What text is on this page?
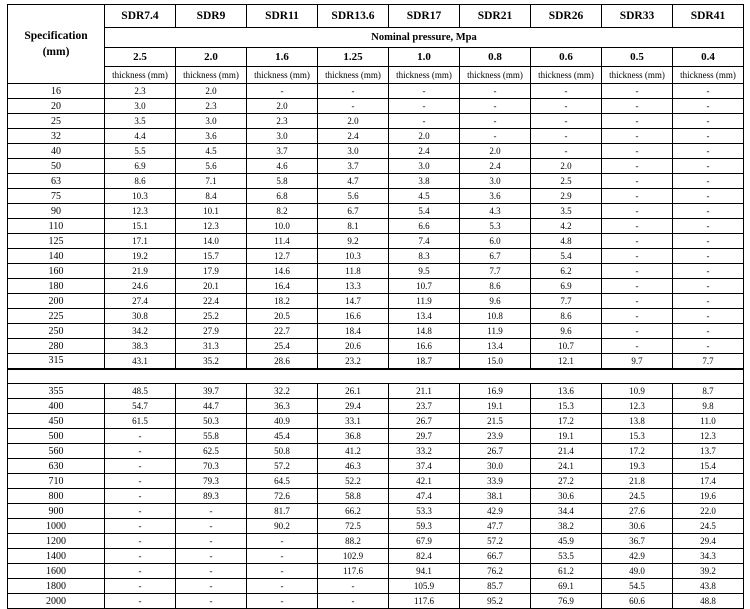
Specification
(mm)	SDR7.4	SDR9	SDR11	SDR13.6	SDR17	SDR21	SDR26	SDR33	SDR41
	Nominal pressure, Mpa								
	2.5	2.0	1.6	1.25	1.0	0.8	0.6	0.5	0.4
	thickness (mm)	thickness (mm)	thickness (mm)	thickness (mm)	thickness (mm)	thickness (mm)	thickness (mm)	thickness (mm)	thickness (mm)
16	2.3	2.0	-	-	-	-	-	-	-
20	3.0	2.3	2.0	-	-	-	-	-	-
25	3.5	3.0	2.3	2.0	-	-	-	-	-
32	4.4	3.6	3.0	2.4	2.0	-	-	-	-
40	5.5	4.5	3.7	3.0	2.4	2.0	-	-	-
50	6.9	5.6	4.6	3.7	3.0	2.4	2.0	-	-
63	8.6	7.1	5.8	4.7	3.8	3.0	2.5	-	-
75	10.3	8.4	6.8	5.6	4.5	3.6	2.9	-	-
90	12.3	10.1	8.2	6.7	5.4	4.3	3.5	-	-
110	15.1	12.3	10.0	8.1	6.6	5.3	4.2	-	-
125	17.1	14.0	11.4	9.2	7.4	6.0	4.8	-	-
140	19.2	15.7	12.7	10.3	8.3	6.7	5.4	-	-
160	21.9	17.9	14.6	11.8	9.5	7.7	6.2	-	-
180	24.6	20.1	16.4	13.3	10.7	8.6	6.9	-	-
200	27.4	22.4	18.2	14.7	11.9	9.6	7.7	-	-
225	30.8	25.2	20.5	16.6	13.4	10.8	8.6	-	-
250	34.2	27.9	22.7	18.4	14.8	11.9	9.6	-	-
280	38.3	31.3	25.4	20.6	16.6	13.4	10.7	-	-
315	43.1	35.2	28.6	23.2	18.7	15.0	12.1	9.7	7.7

355	48.5	39.7	32.2	26.1	21.1	16.9	13.6	10.9	8.7
400	54.7	44.7	36.3	29.4	23.7	19.1	15.3	12.3	9.8
450	61.5	50.3	40.9	33.1	26.7	21.5	17.2	13.8	11.0
500	-	55.8	45.4	36.8	29.7	23.9	19.1	15.3	12.3
560	-	62.5	50.8	41.2	33.2	26.7	21.4	17.2	13.7
630	-	70.3	57.2	46.3	37.4	30.0	24.1	19.3	15.4
710	-	79.3	64.5	52.2	42.1	33.9	27.2	21.8	17.4
800	-	89.3	72.6	58.8	47.4	38.1	30.6	24.5	19.6
900	-	-	81.7	66.2	53.3	42.9	34.4	27.6	22.0
1000	-	-	90.2	72.5	59.3	47.7	38.2	30.6	24.5
1200	-	-	-	88.2	67.9	57.2	45.9	36.7	29.4
1400	-	-	-	102.9	82.4	66.7	53.5	42.9	34.3
1600	-	-	-	117.6	94.1	76.2	61.2	49.0	39.2
1800	-	-	-	-	105.9	85.7	69.1	54.5	43.8
2000	-	-	-	-	117.6	95.2	76.9	60.6	48.8
